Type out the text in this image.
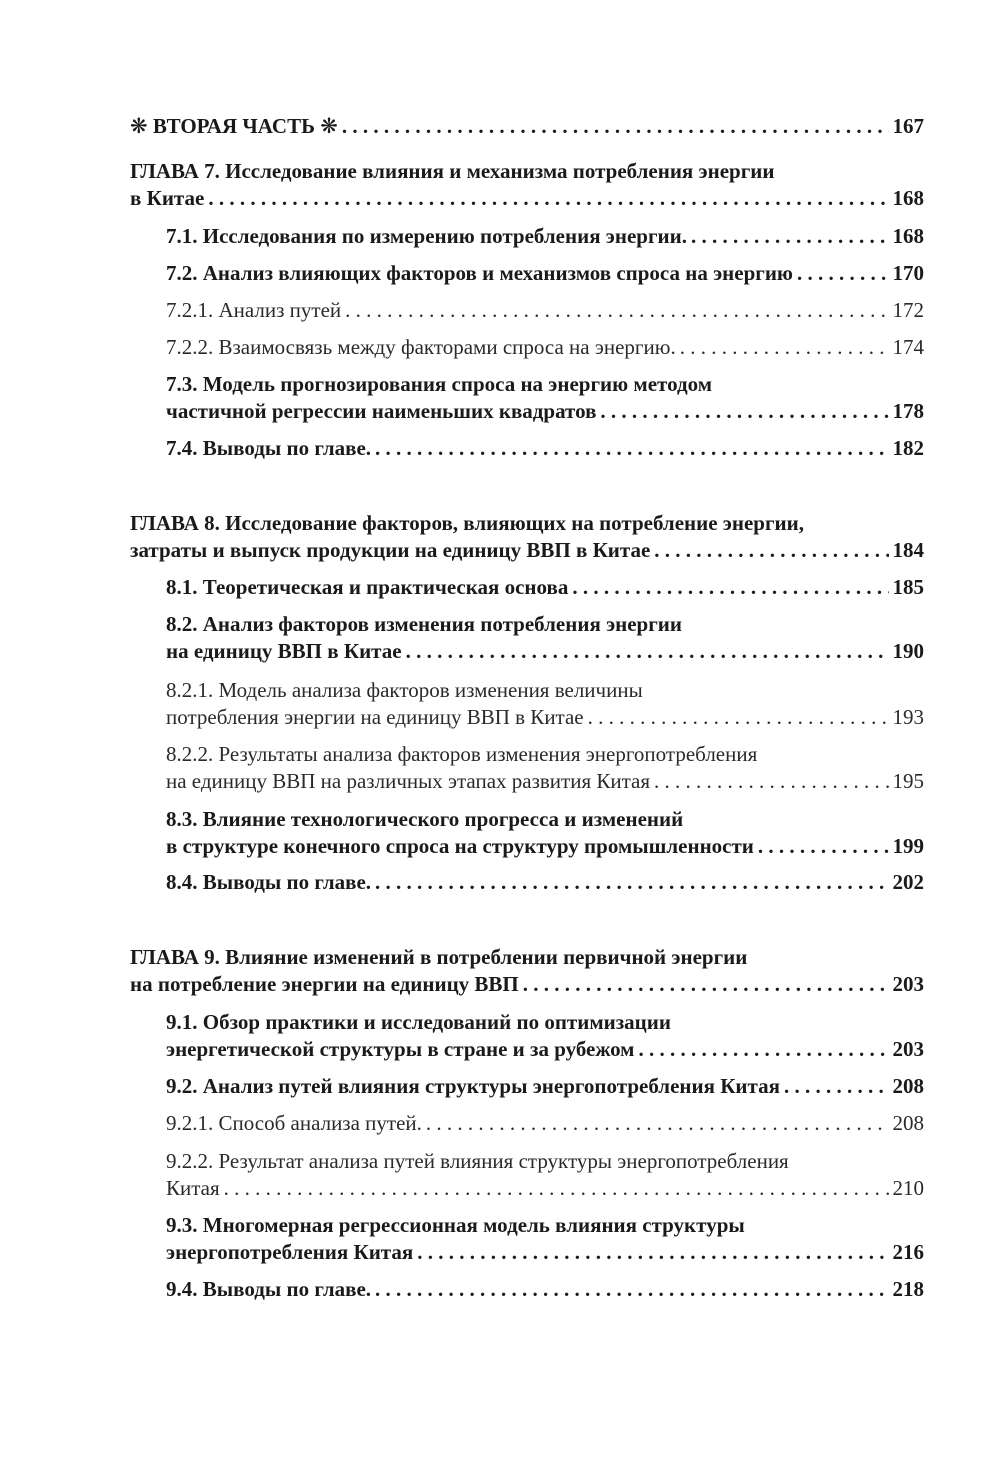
❋ ВТОРАЯ ЧАСТЬ ❋ . . .	167
ГЛАВА 7. Исследование влияния и механизма потребления энергии
в Китае . . .	168
7.1. Исследования по измерению потребления энергии. . . .	168
7.2. Анализ влияющих факторов и механизмов спроса на энергию . . .	170
7.2.1. Анализ путей . . .	172
7.2.2. Взаимосвязь между факторами спроса на энергию. . . .	174
7.3. Модель прогнозирования спроса на энергию методом
частичной регрессии наименьших квадратов . . .	178
7.4. Выводы по главе. . . .	182
ГЛАВА 8. Исследование факторов, влияющих на потребление энергии,
затраты и выпуск продукции на единицу ВВП в Китае . . .	184
8.1. Теоретическая и практическая основа . . .	185
8.2. Анализ факторов изменения потребления энергии
на единицу ВВП в Китае . . .	190
8.2.1. Модель анализа факторов изменения величины
потребления энергии на единицу ВВП в Китае . . .	193
8.2.2. Результаты анализа факторов изменения энергопотребления
на единицу ВВП на различных этапах развития Китая . . .	195
8.3. Влияние технологического прогресса и изменений
в структуре конечного спроса на структуру промышленности . . .	199
8.4. Выводы по главе. . . .	202
ГЛАВА 9. Влияние изменений в потреблении первичной энергии
на потребление энергии на единицу ВВП . . .	203
9.1. Обзор практики и исследований по оптимизации
энергетической структуры в стране и за рубежом . . .	203
9.2. Анализ путей влияния структуры энергопотребления Китая . . .	208
9.2.1. Способ анализа путей. . . .	208
9.2.2. Результат анализа путей влияния структуры энергопотребления
Китая . . .	210
9.3. Многомерная регрессионная модель влияния структуры
энергопотребления Китая . . .	216
9.4. Выводы по главе. . . .	218
